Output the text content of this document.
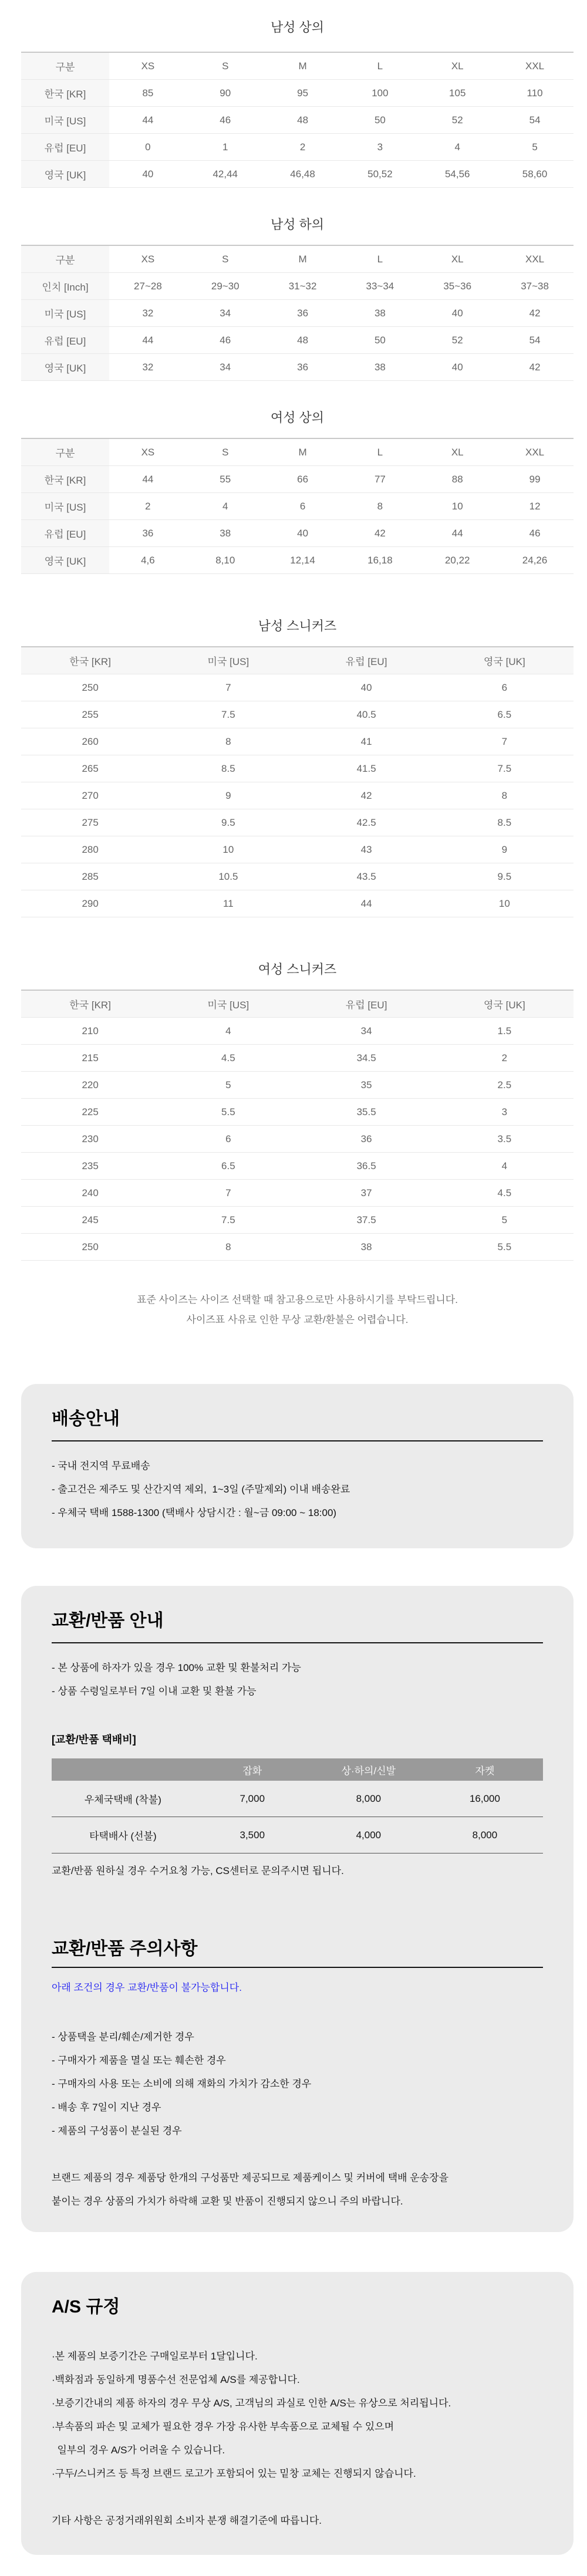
남성 상의
구분	XS	S	M	L	XL	XXL
한국 [KR]	85	90	95	100	105	110
미국 [US]	44	46	48	50	52	54
유럽 [EU]	0	1	2	3	4	5
영국 [UK]	40	42,44	46,48	50,52	54,56	58,60
남성 하의
구분	XS	S	M	L	XL	XXL
인치 [Inch]	27~28	29~30	31~32	33~34	35~36	37~38
미국 [US]	32	34	36	38	40	42
유럽 [EU]	44	46	48	50	52	54
영국 [UK]	32	34	36	38	40	42
여성 상의
구분	XS	S	M	L	XL	XXL
한국 [KR]	44	55	66	77	88	99
미국 [US]	2	4	6	8	10	12
유럽 [EU]	36	38	40	42	44	46
영국 [UK]	4,6	8,10	12,14	16,18	20,22	24,26
남성 스니커즈
한국 [KR]	미국 [US]	유럽 [EU]	영국 [UK]
250	7	40	6
255	7.5	40.5	6.5
260	8	41	7
265	8.5	41.5	7.5
270	9	42	8
275	9.5	42.5	8.5
280	10	43	9
285	10.5	43.5	9.5
290	11	44	10
여성 스니커즈
한국 [KR]	미국 [US]	유럽 [EU]	영국 [UK]
210	4	34	1.5
215	4.5	34.5	2
220	5	35	2.5
225	5.5	35.5	3
230	6	36	3.5
235	6.5	36.5	4
240	7	37	4.5
245	7.5	37.5	5
250	8	38	5.5

표준 사이즈는 사이즈 선택할 때 참고용으로만 사용하시기를 부탁드립니다.

사이즈표 사유로 인한 무상 교환/환불은 어렵습니다.

배송안내
- 국내 전지역 무료배송
- 출고건은 제주도 및 산간지역 제외,  1~3일 (주말제외) 이내 배송완료
- 우체국 택배 1588-1300 (택배사 상담시간 : 월~금 09:00 ~ 18:00)
교환/반품 안내
- 본 상품에 하자가 있을 경우 100% 교환 및 환불처리 가능
- 상품 수령일로부터 7일 이내 교환 및 환불 가능
[교환/반품 택배비]
	잡화	상·하의/신발	자켓
우체국택배 (착불)	7,000	8,000	16,000
타택배사 (선불)	3,500	4,000	8,000

교환/반품 원하실 경우 수거요청 가능, CS센터로 문의주시면 됩니다.

교환/반품 주의사항

아래 조건의 경우 교환/반품이 불가능합니다.

- 상품택을 분리/훼손/제거한 경우
- 구매자가 제품을 멸실 또는 훼손한 경우
- 구매자의 사용 또는 소비에 의해 재화의 가치가 감소한 경우
- 배송 후 7일이 지난 경우
- 제품의 구성품이 분실된 경우
브랜드 제품의 경우 제품당 한개의 구성품만 제공되므로 제품케이스 및 커버에 택배 운송장을
붙이는 경우 상품의 가치가 하락해 교환 및 반품이 진행되지 않으니 주의 바랍니다.
A/S 규정
·본 제품의 보증기간은 구매일로부터 1달입니다.
·백화점과 동일하게 명품수선 전문업체 A/S를 제공합니다.
·보증기간내의 제품 하자의 경우 무상 A/S, 고객님의 과실로 인한 A/S는 유상으로 처리됩니다.
·부속품의 파손 및 교체가 필요한 경우 가장 유사한 부속품으로 교체될 수 있으며
일부의 경우 A/S가 어려울 수 있습니다.
·구두/스니커즈 등 특정 브랜드 로고가 포함되어 있는 밑창 교체는 진행되지 않습니다.

기타 사항은 공정거래위원회 소비자 분쟁 해결기준에 따릅니다.
